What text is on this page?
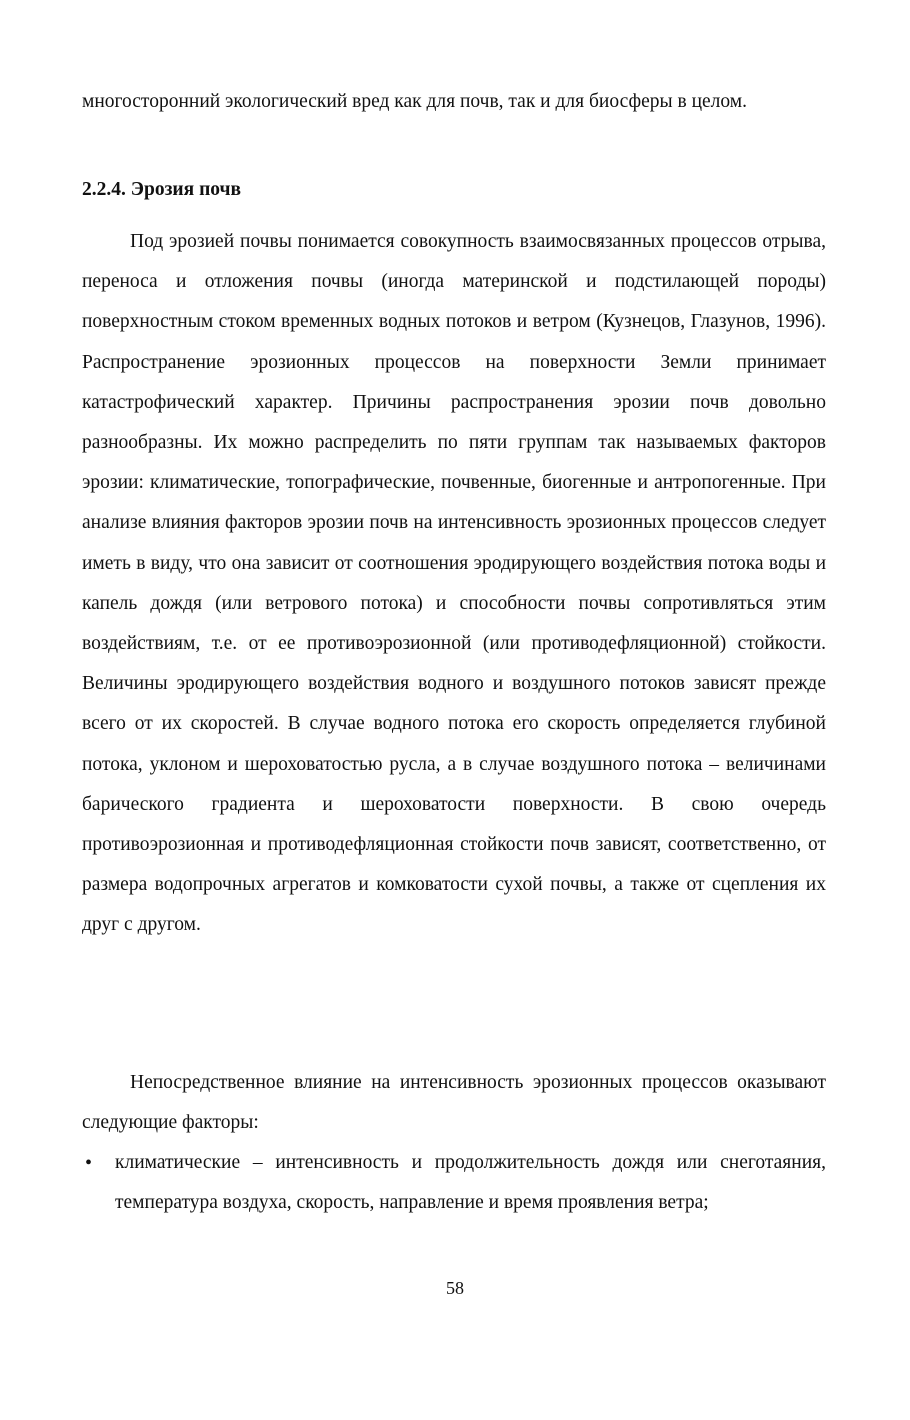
многосторонний экологический вред как для почв, так и для биосферы в целом.
2.2.4. Эрозия почв
Под эрозией почвы понимается совокупность взаимосвязанных процессов отрыва, переноса и отложения почвы (иногда материнской и подстилающей породы) поверхностным стоком временных водных потоков и ветром (Кузнецов, Глазунов, 1996). Распространение эрозионных процессов на поверхности Земли принимает катастрофический характер. Причины распространения эрозии почв довольно разнообразны. Их можно распределить по пяти группам так называемых факторов эрозии: климатические, топографические, почвенные, биогенные и антропогенные. При анализе влияния факторов эрозии почв на интенсивность эрозионных процессов следует иметь в виду, что она зависит от соотношения эродирующего воздействия потока воды и капель дождя (или ветрового потока) и способности почвы сопротивляться этим воздействиям, т.е. от ее противоэрозионной (или противодефляционной) стойкости. Величины эродирующего воздействия водного и воздушного потоков зависят прежде всего от их скоростей. В случае водного потока его скорость определяется глубиной потока, уклоном и шероховатостью русла, а в случае воздушного потока – величинами барического градиента и шероховатости поверхности. В свою очередь противоэрозионная и противодефляционная стойкости почв зависят, соответственно, от размера водопрочных агрегатов и комковатости сухой почвы, а также от сцепления их друг с другом.
Непосредственное влияние на интенсивность эрозионных процессов оказывают следующие факторы:
• климатические – интенсивность и продолжительность дождя или снеготаяния, температура воздуха, скорость, направление и время проявления ветра;
58
